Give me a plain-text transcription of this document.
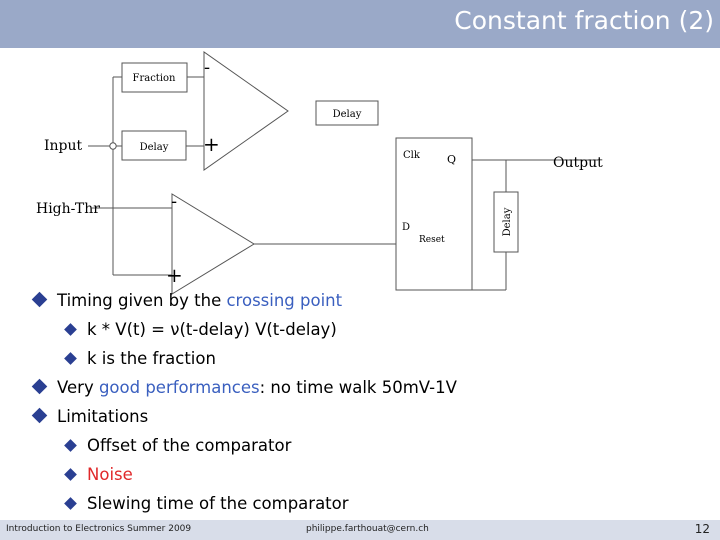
Constant fraction (2)
Fraction
Delay
Input	Delay
High-Thr
-
+
-
+
Clk Q
D
Reset
Delay
Output
Timing given by the crossing point
k * V(t) = ν(t-delay) V(t-delay)
k is the fraction
Very good performances: no time walk 50mV-1V
Limitations
Offset of the comparator
Noise
Slewing time of the comparator
Introduction to Electronics Summer 2009	philippe.farthouat@cern.ch	12
